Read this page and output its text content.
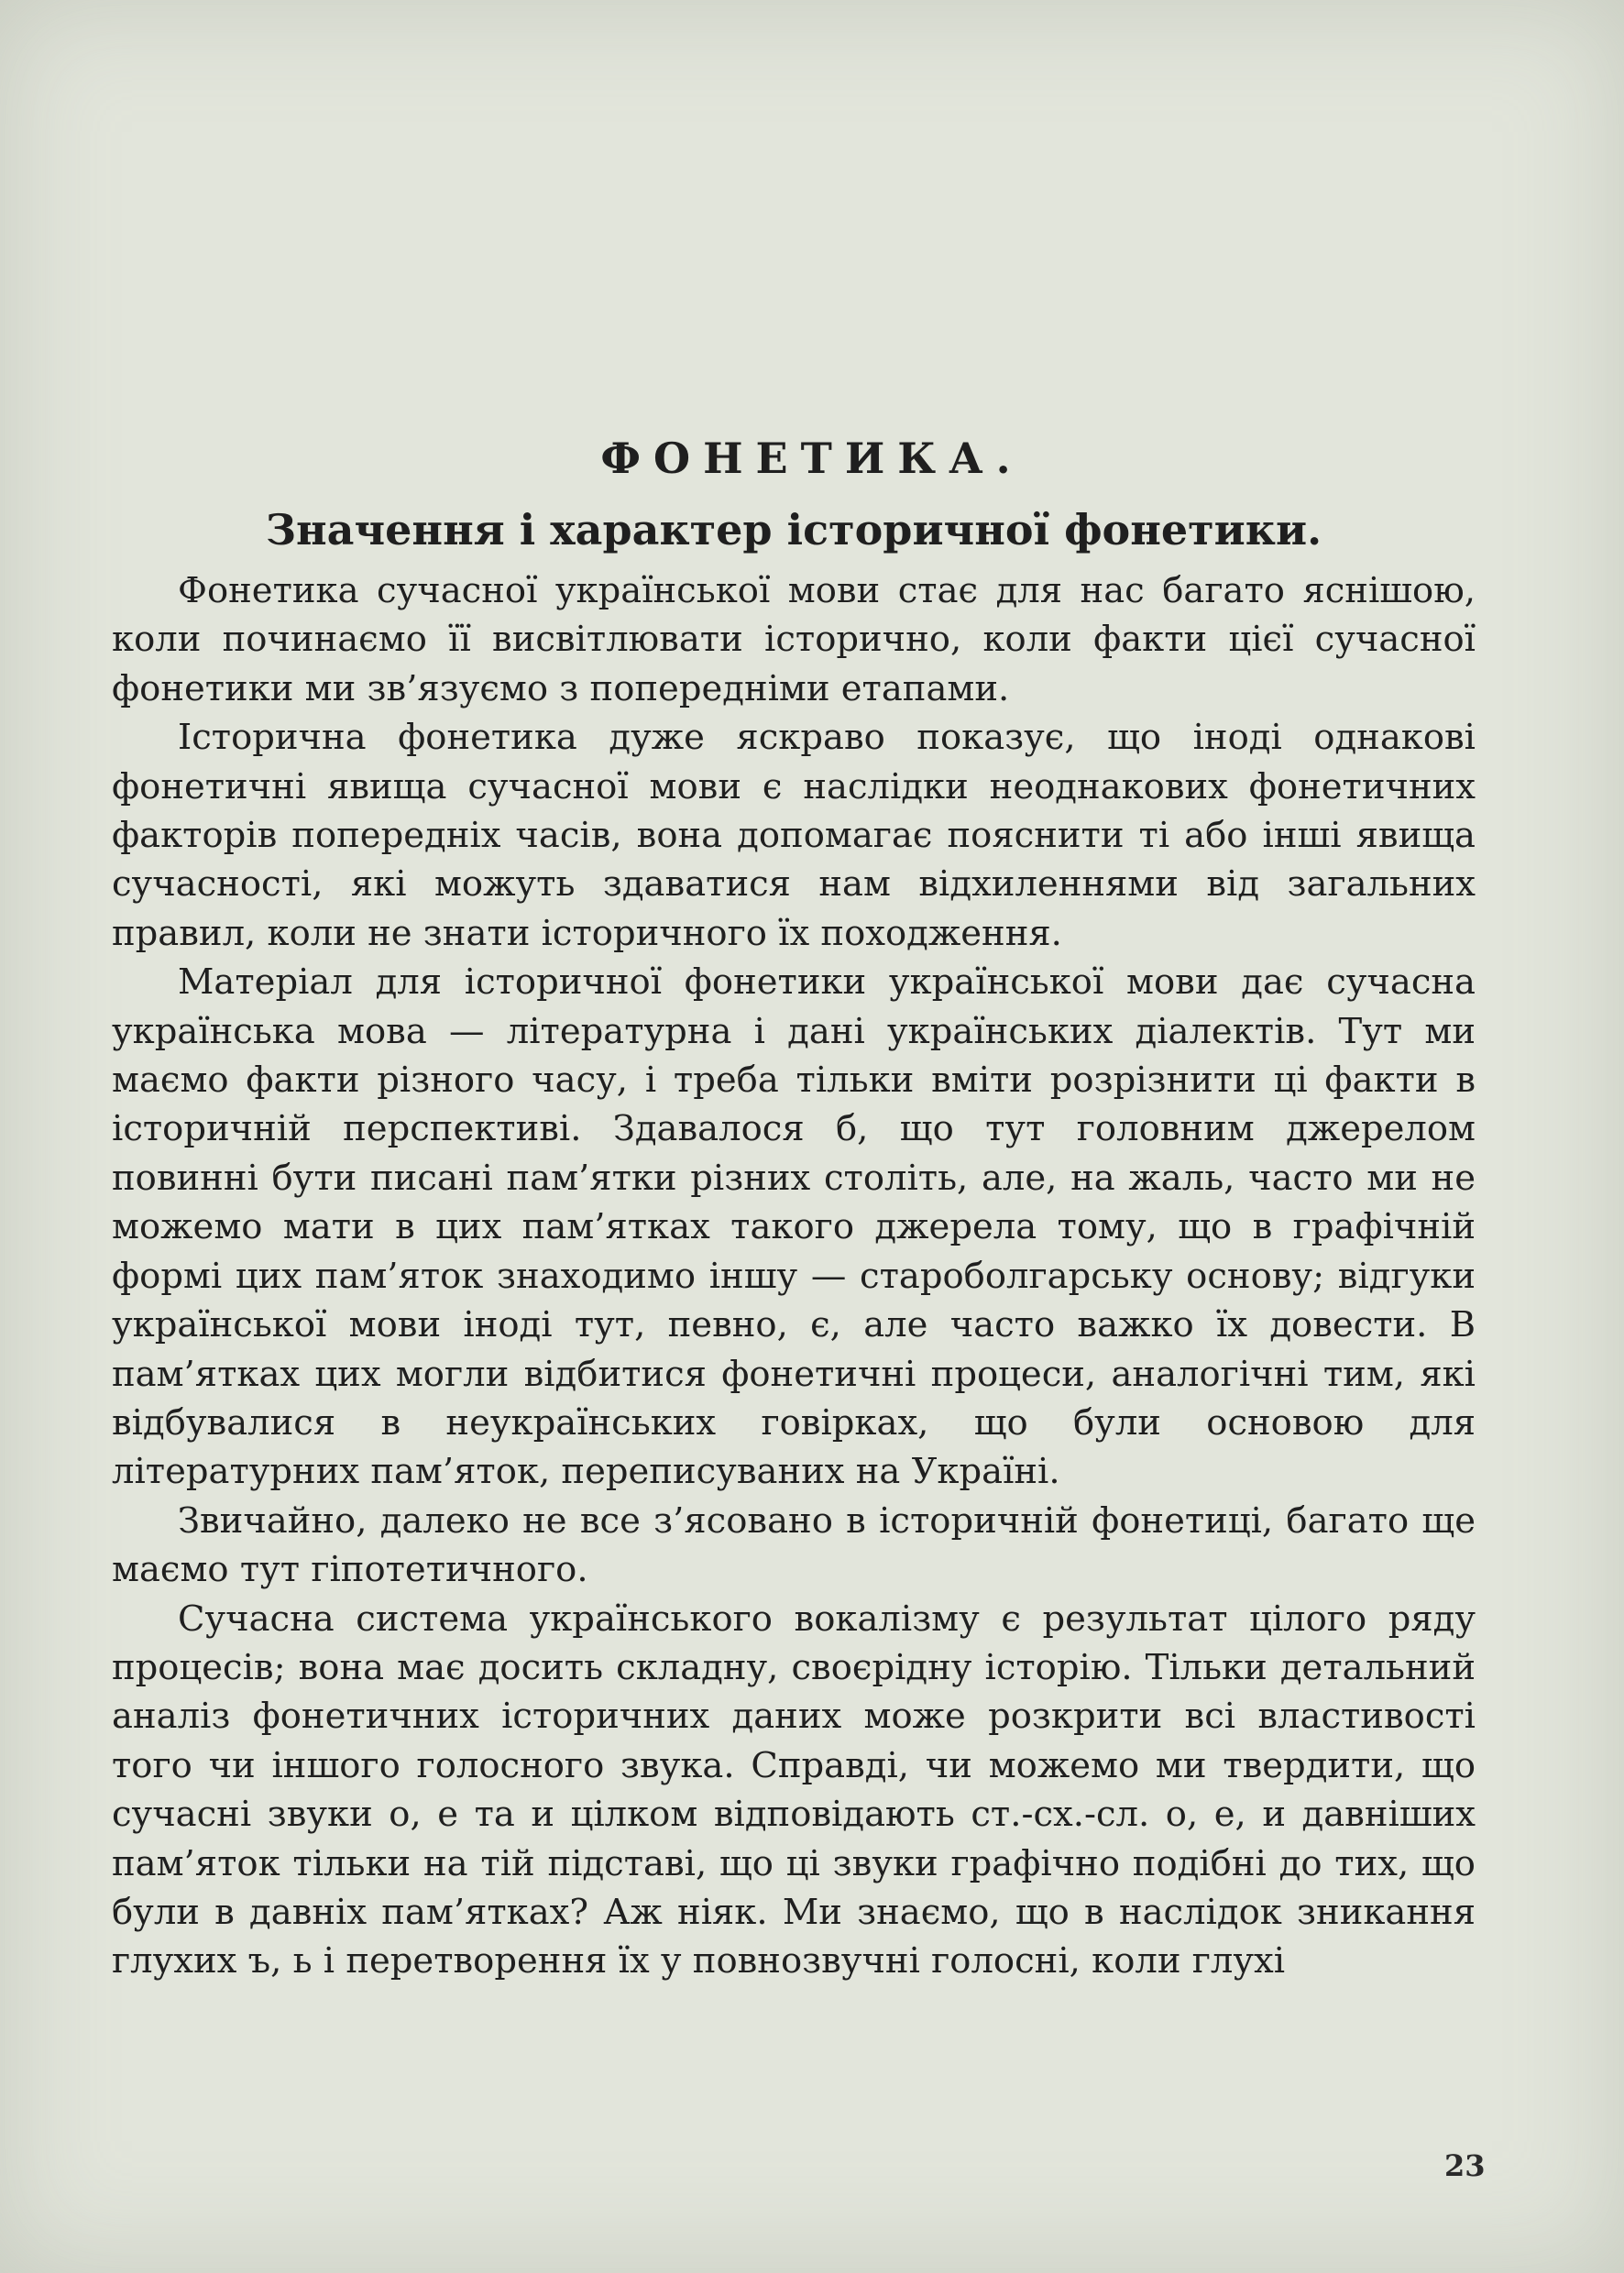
ФОНЕТИКА.
Значення і характер історичної фонетики.

Фонетика сучасної української мови стає для нас багато яснішою, коли починаємо її висвітлювати історично, коли факти цієї сучасної фонетики ми зв’язуємо з попередніми етапами.

Історична фонетика дуже яскраво показує, що іноді однакові фонетичні явища сучасної мови є наслідки неоднакових фонетичних факторів попередніх часів, вона допомагає пояснити ті або інші явища сучасності, які можуть здаватися нам відхиленнями від загальних правил, коли не знати історичного їх походження.

Матеріал для історичної фонетики української мови дає сучасна українська мова — літературна і дані українських діалектів. Тут ми маємо факти різного часу, і треба тільки вміти розрізнити ці факти в історичній перспективі. Здавалося б, що тут головним джерелом повинні бути писані пам’ятки різних століть, але, на жаль, часто ми не можемо мати в цих пам’ятках такого джерела тому, що в графічній формі цих пам’яток знаходимо іншу — староболгарську основу; відгуки української мови іноді тут, певно, є, але часто важко їх довести. В пам’ятках цих могли відбитися фонетичні процеси, аналогічні тим, які відбувалися в неукраїнських говірках, що були основою для літературних пам’яток, переписуваних на Україні.

Звичайно, далеко не все з’ясовано в історичній фонетиці, багато ще маємо тут гіпотетичного.

Сучасна система українського вокалізму є результат цілого ряду процесів; вона має досить складну, своєрідну історію. Тільки детальний аналіз фонетичних історичних даних може розкрити всі властивості того чи іншого голосного звука. Справді, чи можемо ми твердити, що сучасні звуки о, е та и цілком відповідають ст.-сх.-сл. о, е, и давніших пам’яток тільки на тій підставі, що ці звуки графічно подібні до тих, що були в давніх пам’ятках? Аж ніяк. Ми знаємо, що в наслідок зникання глухих ъ, ь і перетворення їх у повнозвучні голосні, коли глухі

23
